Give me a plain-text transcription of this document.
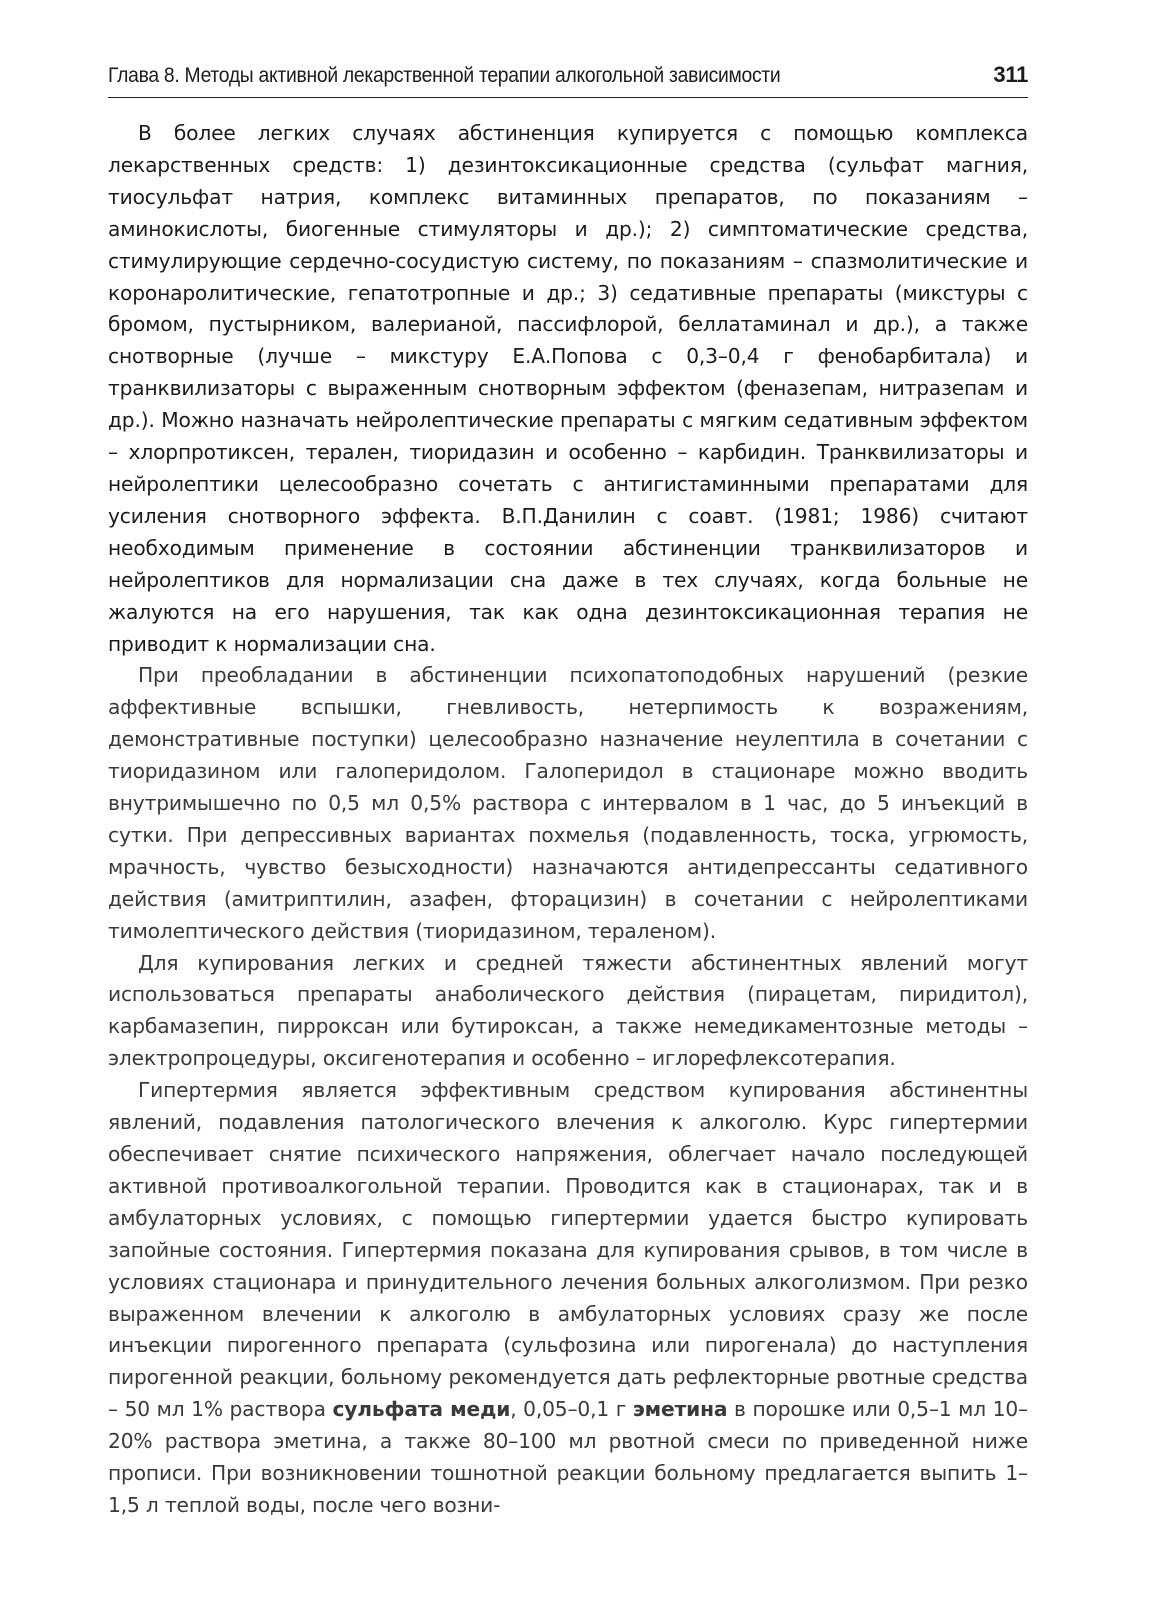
Глава 8. Методы активной лекарственной терапии алкогольной зависимости	311

В более легких случаях абстиненция купируется с помощью комплекса лекарственных средств: 1) дезинтоксикационные средства (сульфат магния, тиосульфат натрия, комплекс витаминных препаратов, по показаниям – аминокислоты, биогенные стимуляторы и др.); 2) симптоматические средства, стимулирующие сердечно-сосудистую систему, по показаниям – спазмолитические и коронаролитические, гепатотропные и др.; 3) седативные препараты (микстуры с бромом, пустырником, валерианой, пассифлорой, беллатаминал и др.), а также снотворные (лучше – микстуру Е.А.Попова с 0,3–0,4 г фенобарбитала) и транквилизаторы с выраженным снотворным эффектом (феназепам, нитразепам и др.). Можно назначать нейролептические препараты с мягким седативным эффектом – хлорпротиксен, терален, тиоридазин и особенно – карбидин. Транквилизаторы и нейролептики целесообразно сочетать с антигистаминными препаратами для усиления снотворного эффекта. В.П.Данилин с соавт. (1981; 1986) считают необходимым применение в состоянии абстиненции транквилизаторов и нейролептиков для нормализации сна даже в тех случаях, когда больные не жалуются на его нарушения, так как одна дезинтоксикационная терапия не приводит к нормализации сна.

При преобладании в абстиненции психопатоподобных нарушений (резкие аффективные вспышки, гневливость, нетерпимость к возражениям, демонстративные поступки) целесообразно назначение неулептила в сочетании с тиоридазином или галоперидолом. Галоперидол в стационаре можно вводить внутримышечно по 0,5 мл 0,5% раствора с интервалом в 1 час, до 5 инъекций в сутки. При депрессивных вариантах похмелья (подавленность, тоска, угрюмость, мрачность, чувство безысходности) назначаются антидепрессанты седативного действия (амитриптилин, азафен, фторацизин) в сочетании с нейролептиками тимолептического действия (тиоридазином, тераленом).

Для купирования легких и средней тяжести абстинентных явлений могут использоваться препараты анаболического действия (пирацетам, пиридитол), карбамазепин, пирроксан или бутироксан, а также немедикаментозные методы – электропроцедуры, оксигенотерапия и особенно – иглорефлексотерапия.

Гипертермия является эффективным средством купирования абстинентны явлений, подавления патологического влечения к алкоголю. Курс гипертермии обеспечивает снятие психического напряжения, облегчает начало последующей активной противоалкогольной терапии. Проводится как в стационарах, так и в амбулаторных условиях, с помощью гипертермии удается быстро купировать запойные состояния. Гипертермия показана для купирования срывов, в том числе в условиях стационара и принудительного лечения больных алкоголизмом. При резко выраженном влечении к алкоголю в амбулаторных условиях сразу же после инъекции пирогенного препарата (сульфозина или пирогенала) до наступления пирогенной реакции, больному рекомендуется дать рефлекторные рвотные средства – 50 мл 1% раствора сульфата меди, 0,05–0,1 г эметина в порошке или 0,5–1 мл 10–20% раствора эметина, а также 80–100 мл рвотной смеси по приведенной ниже прописи. При возникновении тошнотной реакции больному предлагается выпить 1–1,5 л теплой воды, после чего возни-
